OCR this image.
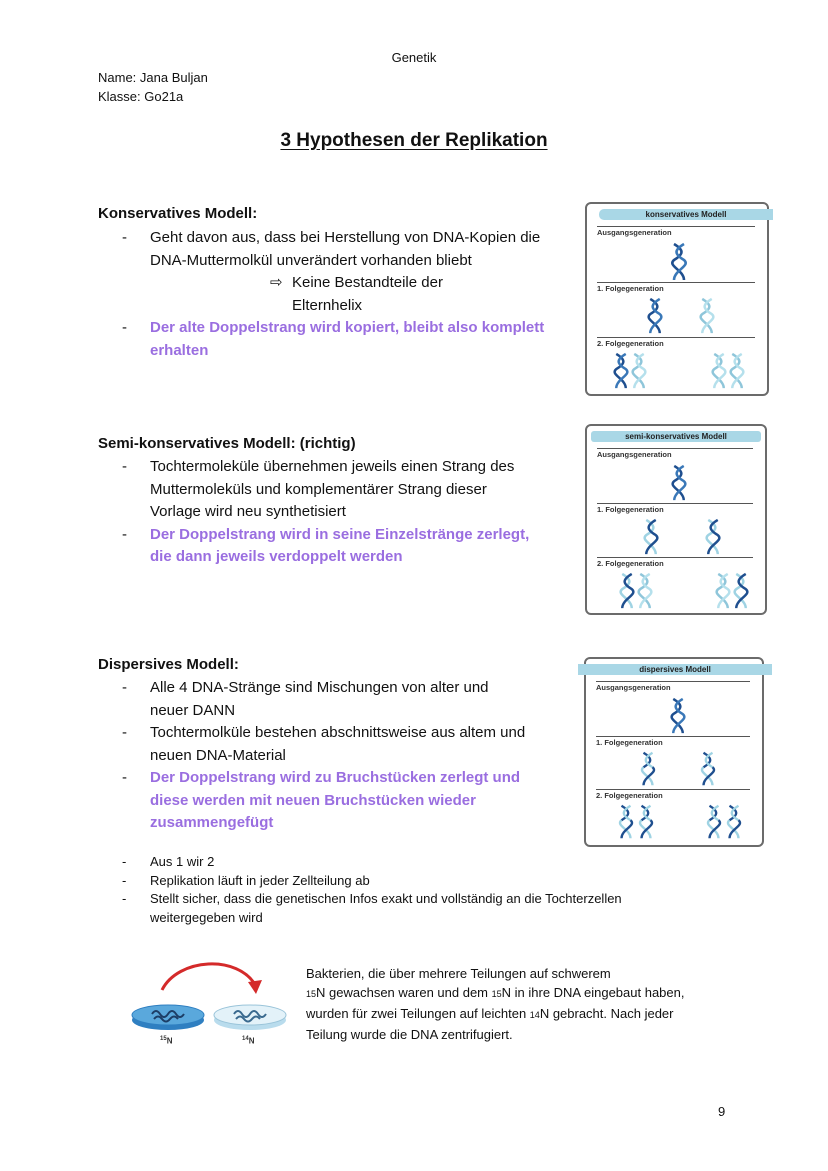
Genetik
Name: Jana Buljan
Klasse: Go21a
3 Hypothesen der Replikation
Konservatives Modell:
-	Geht davon aus, dass bei Herstellung von DNA-Kopien die DNA-Muttermolkül unverändert vorhanden bliebt
⇨ Keine Bestandteile der Elternhelix
-	Der alte Doppelstrang wird kopiert, bleibt also komplett erhalten
konservatives Modell
Ausgangsgeneration
1. Folgegeneration
2. Folgegeneration
Semi-konservatives Modell: (richtig)
-	Tochtermoleküle übernehmen jeweils einen Strang des Muttermoleküls und komplementärer Strang dieser Vorlage wird neu synthetisiert
-	Der Doppelstrang wird in seine Einzelstränge zerlegt, die dann jeweils verdoppelt werden
semi-konservatives Modell
Ausgangsgeneration
1. Folgegeneration
2. Folgegeneration
Dispersives Modell:
-	Alle 4 DNA-Stränge sind Mischungen von alter und neuer DANN
-	Tochtermolküle bestehen abschnittsweise aus altem und neuen DNA-Material
-	Der Doppelstrang wird zu Bruchstücken zerlegt und diese werden mit neuen Bruchstücken wieder zusammengefügt
dispersives Modell
Ausgangsgeneration
1. Folgegeneration
2. Folgegeneration
-	Aus 1 wir 2
-	Replikation läuft in jeder Zellteilung ab
-	Stellt sicher, dass die genetischen Infos exakt und vollständig an die Tochterzellen weitergegeben wird
$^{15}$N	$^{14}$N
Bakterien, die über mehrere Teilungen auf schwerem
15N gewachsen waren und dem 15N in ihre DNA eingebaut haben,
wurden für zwei Teilungen auf leichten 14N gebracht. Nach jeder
Teilung wurde die DNA zentrifugiert.
9
